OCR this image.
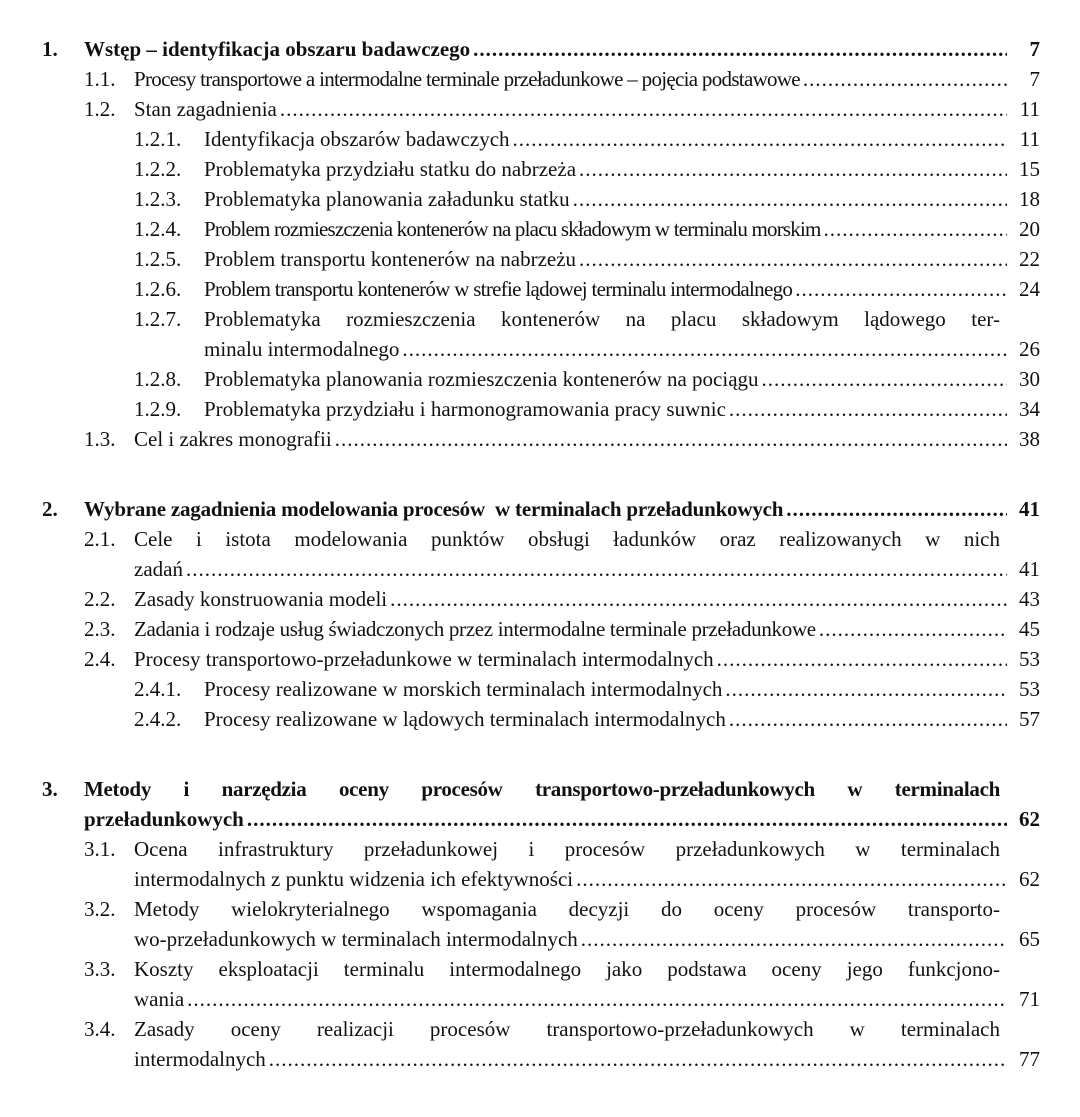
1.	Wstęp – identyfikacja obszaru badawczego .....	7
1.1. Procesy transportowe a intermodalne terminale przeładunkowe – pojęcia podstawowe .....	7
1.2. Stan zagadnienia .....	11
1.2.1.	Identyfikacja obszarów badawczych .....	11
1.2.2.	Problematyka przydziału statku do nabrzeża .....	15
1.2.3.	Problematyka planowania załadunku statku .....	18
1.2.4.	Problem rozmieszczenia kontenerów na placu składowym w terminalu morskim .....	20
1.2.5.	Problem transportu kontenerów na nabrzeżu .....	22
1.2.6.	Problem transportu kontenerów w strefie lądowej terminalu intermodalnego .....	24
1.2.7. Problematyka rozmieszczenia kontenerów na placu składowym lądowego ter-
minalu intermodalnego .....	26
1.2.8.	Problematyka planowania rozmieszczenia kontenerów na pociągu .....	30
1.2.9.	Problematyka przydziału i harmonogramowania pracy suwnic .....	34
1.3. Cel i zakres monografii .....	38
2.	Wybrane zagadnienia modelowania procesów  w terminalach przeładunkowych .....	41
2.1. Cele i istota modelowania punktów obsługi ładunków oraz realizowanych w nich
zadań .....	41
2.2. Zasady konstruowania modeli .....	43
2.3. Zadania i rodzaje usług świadczonych przez intermodalne terminale przeładunkowe .....	45
2.4. Procesy transportowo-przeładunkowe w terminalach intermodalnych .....	53
2.4.1.	Procesy realizowane w morskich terminalach intermodalnych .....	53
2.4.2.	Procesy realizowane w lądowych terminalach intermodalnych .....	57
3. Metody i narzędzia oceny procesów transportowo-przeładunkowych w terminalach
przeładunkowych .....	62
3.1. Ocena infrastruktury przeładunkowej i procesów przeładunkowych w terminalach
intermodalnych z punktu widzenia ich efektywności .....	62
3.2. Metody wielokryterialnego wspomagania decyzji do oceny procesów transporto-
wo-przeładunkowych w terminalach intermodalnych .....	65
3.3. Koszty eksploatacji terminalu intermodalnego jako podstawa oceny jego funkcjono-
wania .....	71
3.4. Zasady oceny realizacji procesów transportowo-przeładunkowych w terminalach
intermodalnych .....	77
